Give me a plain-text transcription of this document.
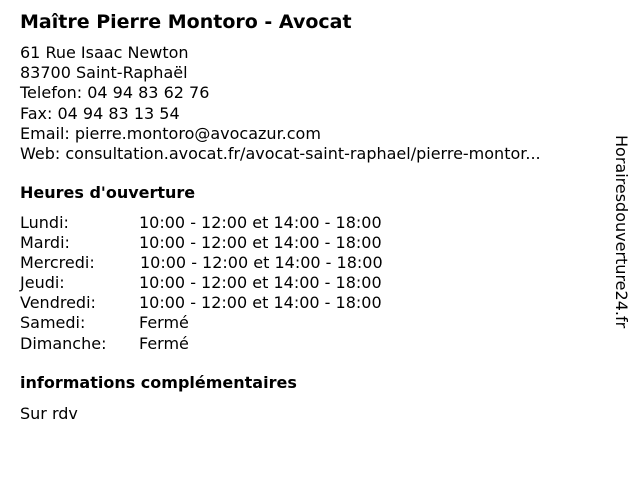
Maître Pierre Montoro - Avocat
61 Rue Isaac Newton
83700 Saint-Raphaël
Telefon: 04 94 83 62 76
Fax: 04 94 83 13 54
Email: pierre.montoro@avocazur.com
Web: consultation.avocat.fr/avocat-saint-raphael/pierre-montor...
Heures d'ouverture
Lundi:	10:00 - 12:00 et 14:00 - 18:00
Mardi:	10:00 - 12:00 et 14:00 - 18:00
Mercredi:	10:00 - 12:00 et 14:00 - 18:00
Jeudi:	10:00 - 12:00 et 14:00 - 18:00
Vendredi:	10:00 - 12:00 et 14:00 - 18:00
Samedi:	Fermé
Dimanche: Fermé
informations complémentaires
Sur rdv
Horairesdouverture24.fr
